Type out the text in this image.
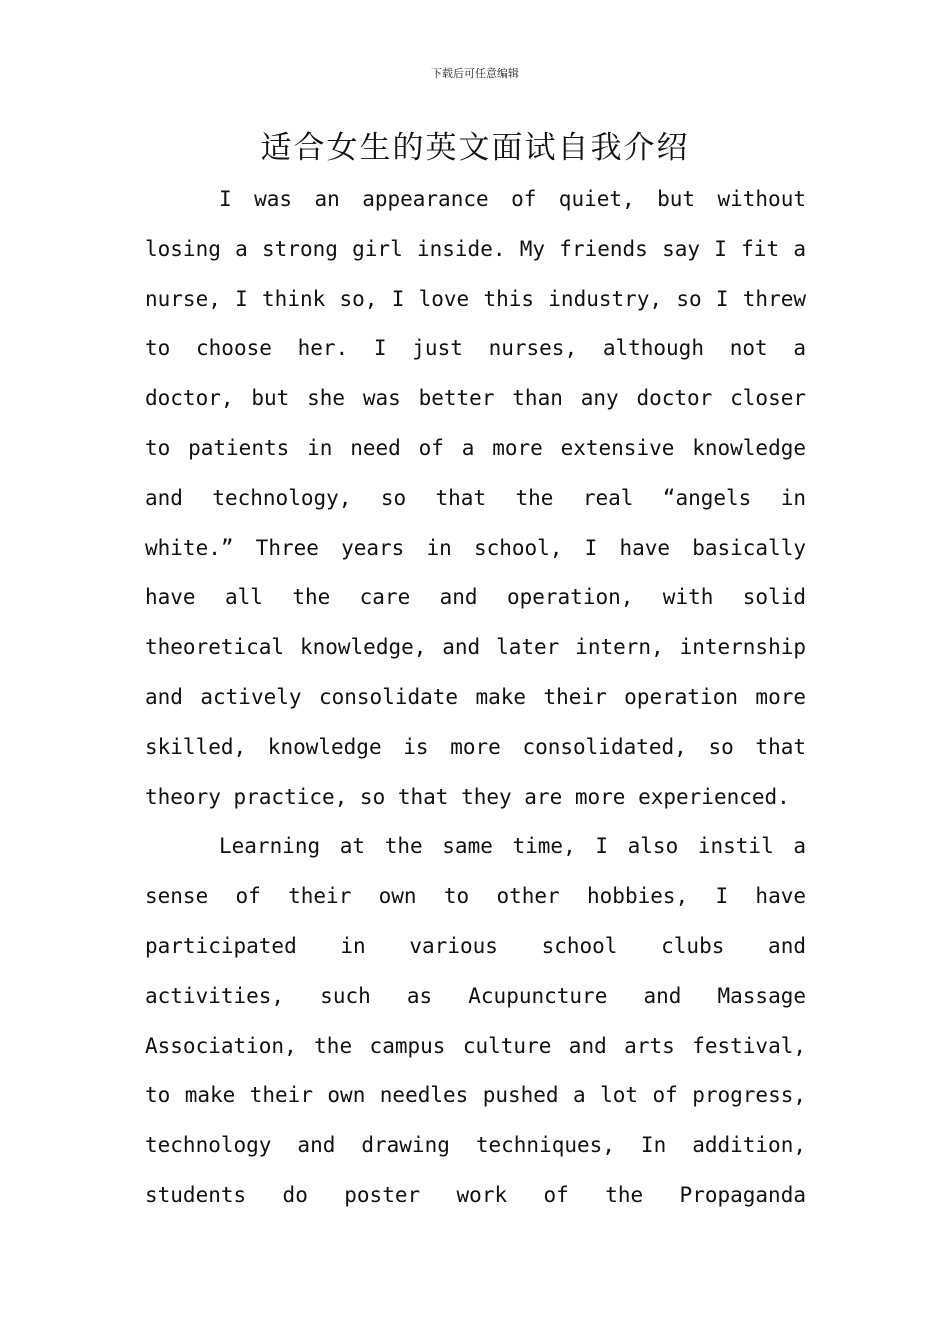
下载后可任意编辑
适合女生的英文面试自我介绍
I was an appearance of quiet, but without
losing a strong girl inside. My friends say I fit a
nurse, I think so, I love this industry, so I threw
to choose her. I just nurses, although not a
doctor, but she was better than any doctor closer
to patients in need of a more extensive knowledge
and technology, so that the real “angels in
white.” Three years in school, I have basically
have all the care and operation, with solid
theoretical knowledge, and later intern, internship
and actively consolidate make their operation more
skilled, knowledge is more consolidated, so that
theory practice, so that they are more experienced.
Learning at the same time, I also instil a
sense of their own to other hobbies, I have
participated in various school clubs and
activities, such as Acupuncture and Massage
Association, the campus culture and arts festival,
to make their own needles pushed a lot of progress,
technology and drawing techniques, In addition,
students do poster work of the Propaganda
